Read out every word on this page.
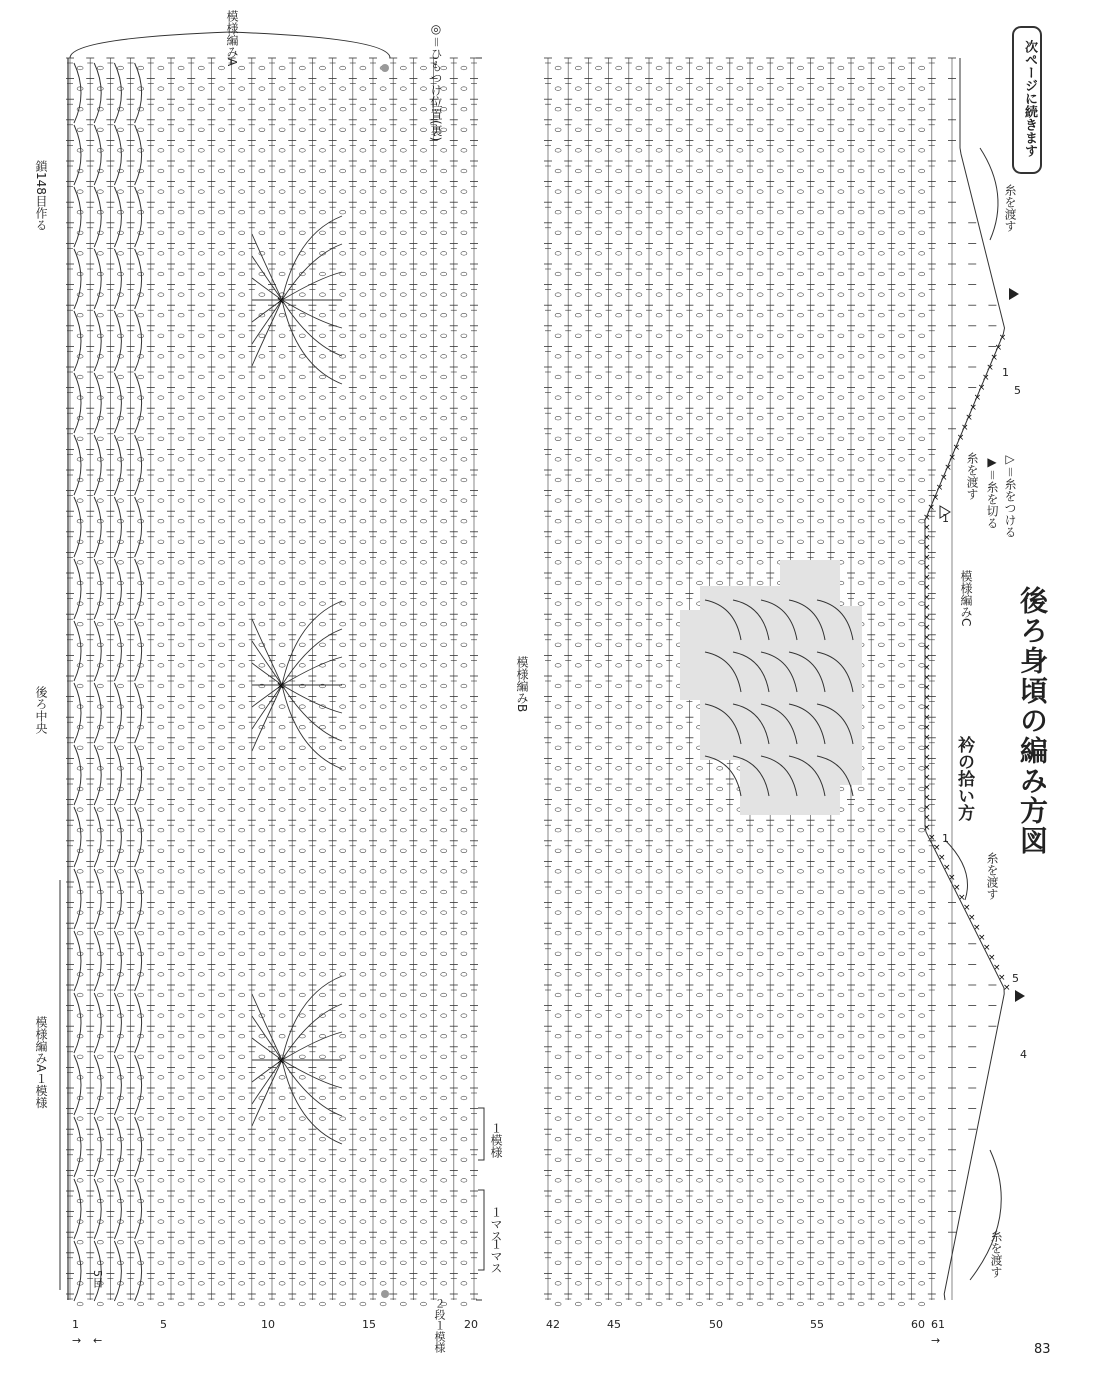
×
×
×
×
×
×
×
×
×
×
×
×
×
×
×
×
×
×
×
×
×
×
×
×
×
×
×
×
×
×
×
×
×
×
×
×
×
×
×
×
×
×
×
×
×
×
×
×
×
×
×
×
×
×
×
×
×
×
×
×
×
×
×
×
×
×
×
×
×
後ろ身頃の編み方図
衿の拾い方
次ページに続きます
模様編みA	◎＝ひもつけ位置(裏)
鎖148目作る
後ろ中央
模様編みA１模様
模様編みB
模様編みC
▷＝糸をつける
▶＝糸を切る
糸を渡す
糸を渡す
糸を渡す
糸を渡す
１模様
１マス
１マス
２段１模様
5目
1	5	10	15	20	42	45	50	55	60 61
→ ←	→
1
5
1
1
5
4
83
